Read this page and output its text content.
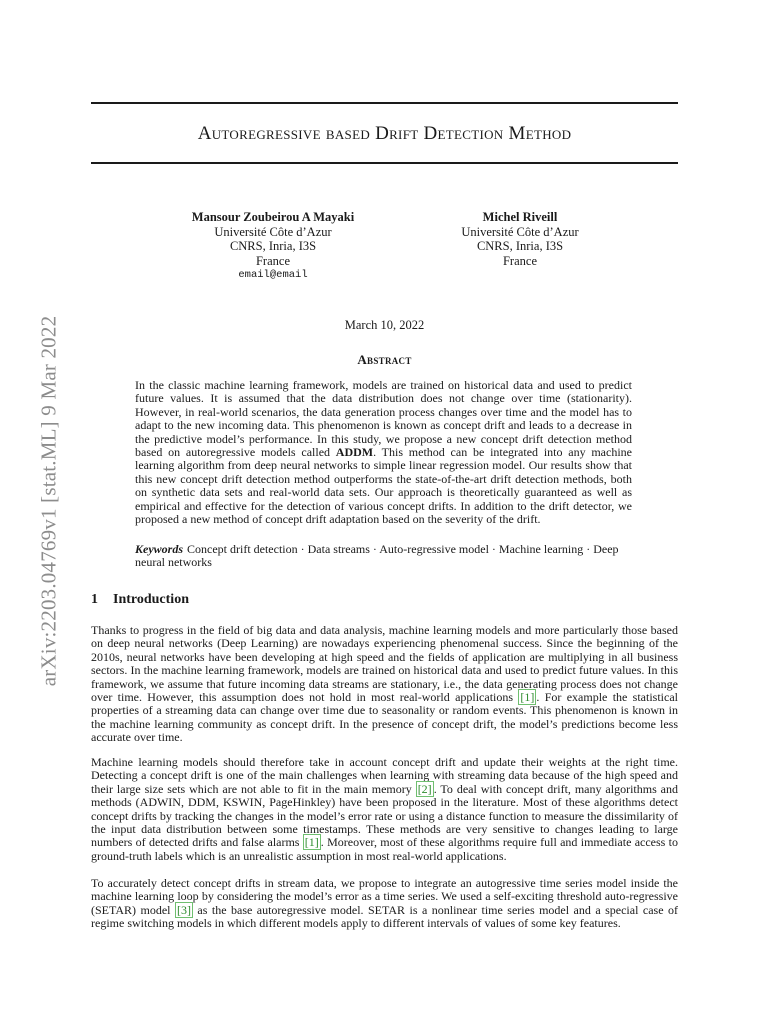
arXiv:2203.04769v1 [stat.ML] 9 Mar 2022
Autoregressive based Drift Detection Method
Mansour Zoubeirou A Mayaki
Université Côte d’Azur
CNRS, Inria, I3S
France
email@email
Michel Riveill
Université Côte d’Azur
CNRS, Inria, I3S
France
March 10, 2022
Abstract

In the classic machine learning framework, models are trained on historical data and used to predict future values. It is assumed that the data distribution does not change over time (stationarity). However, in real-world scenarios, the data generation process changes over time and the model has to adapt to the new incoming data. This phenomenon is known as concept drift and leads to a decrease in the predictive model’s performance. In this study, we propose a new concept drift detection method based on autoregressive models called ADDM. This method can be integrated into any machine learning algorithm from deep neural networks to simple linear regression model. Our results show that this new concept drift detection method outperforms the state-of-the-art drift detection methods, both on synthetic data sets and real-world data sets. Our approach is theoretically guaranteed as well as empirical and effective for the detection of various concept drifts. In addition to the drift detector, we proposed a new method of concept drift adaptation based on the severity of the drift.

Keywords Concept drift detection · Data streams · Auto-regressive model · Machine learning · Deep neural networks

1 Introduction

Thanks to progress in the field of big data and data analysis, machine learning models and more particularly those based on deep neural networks (Deep Learning) are nowadays experiencing phenomenal success. Since the beginning of the 2010s, neural networks have been developing at high speed and the fields of application are multiplying in all business sectors. In the machine learning framework, models are trained on historical data and used to predict future values. In this framework, we assume that future incoming data streams are stationary, i.e., the data generating process does not change over time. However, this assumption does not hold in most real-world applications [1] . For example the statistical properties of a streaming data can change over time due to seasonality or random events. This phenomenon is known in the machine learning community as concept drift. In the presence of concept drift, the model’s predictions become less accurate over time.

Machine learning models should therefore take in account concept drift and update their weights at the right time. Detecting a concept drift is one of the main challenges when learning with streaming data because of the high speed and their large size sets which are not able to fit in the main memory [2] . To deal with concept drift, many algorithms and methods (ADWIN, DDM, KSWIN, PageHinkley) have been proposed in the literature. Most of these algorithms detect concept drifts by tracking the changes in the model’s error rate or using a distance function to measure the dissimilarity of the input data distribution between some timestamps. These methods are very sensitive to changes leading to large numbers of detected drifts and false alarms [1] . Moreover, most of these algorithms require full and immediate access to ground-truth labels which is an unrealistic assumption in most real-world applications.

To accurately detect concept drifts in stream data, we propose to integrate an autogressive time series model inside the machine learning loop by considering the model’s error as a time series. We used a self-exciting threshold auto-regressive (SETAR) model [3] as the base autoregressive model. SETAR is a nonlinear time series model and a special case of regime switching models in which different models apply to different intervals of values of some key features.
